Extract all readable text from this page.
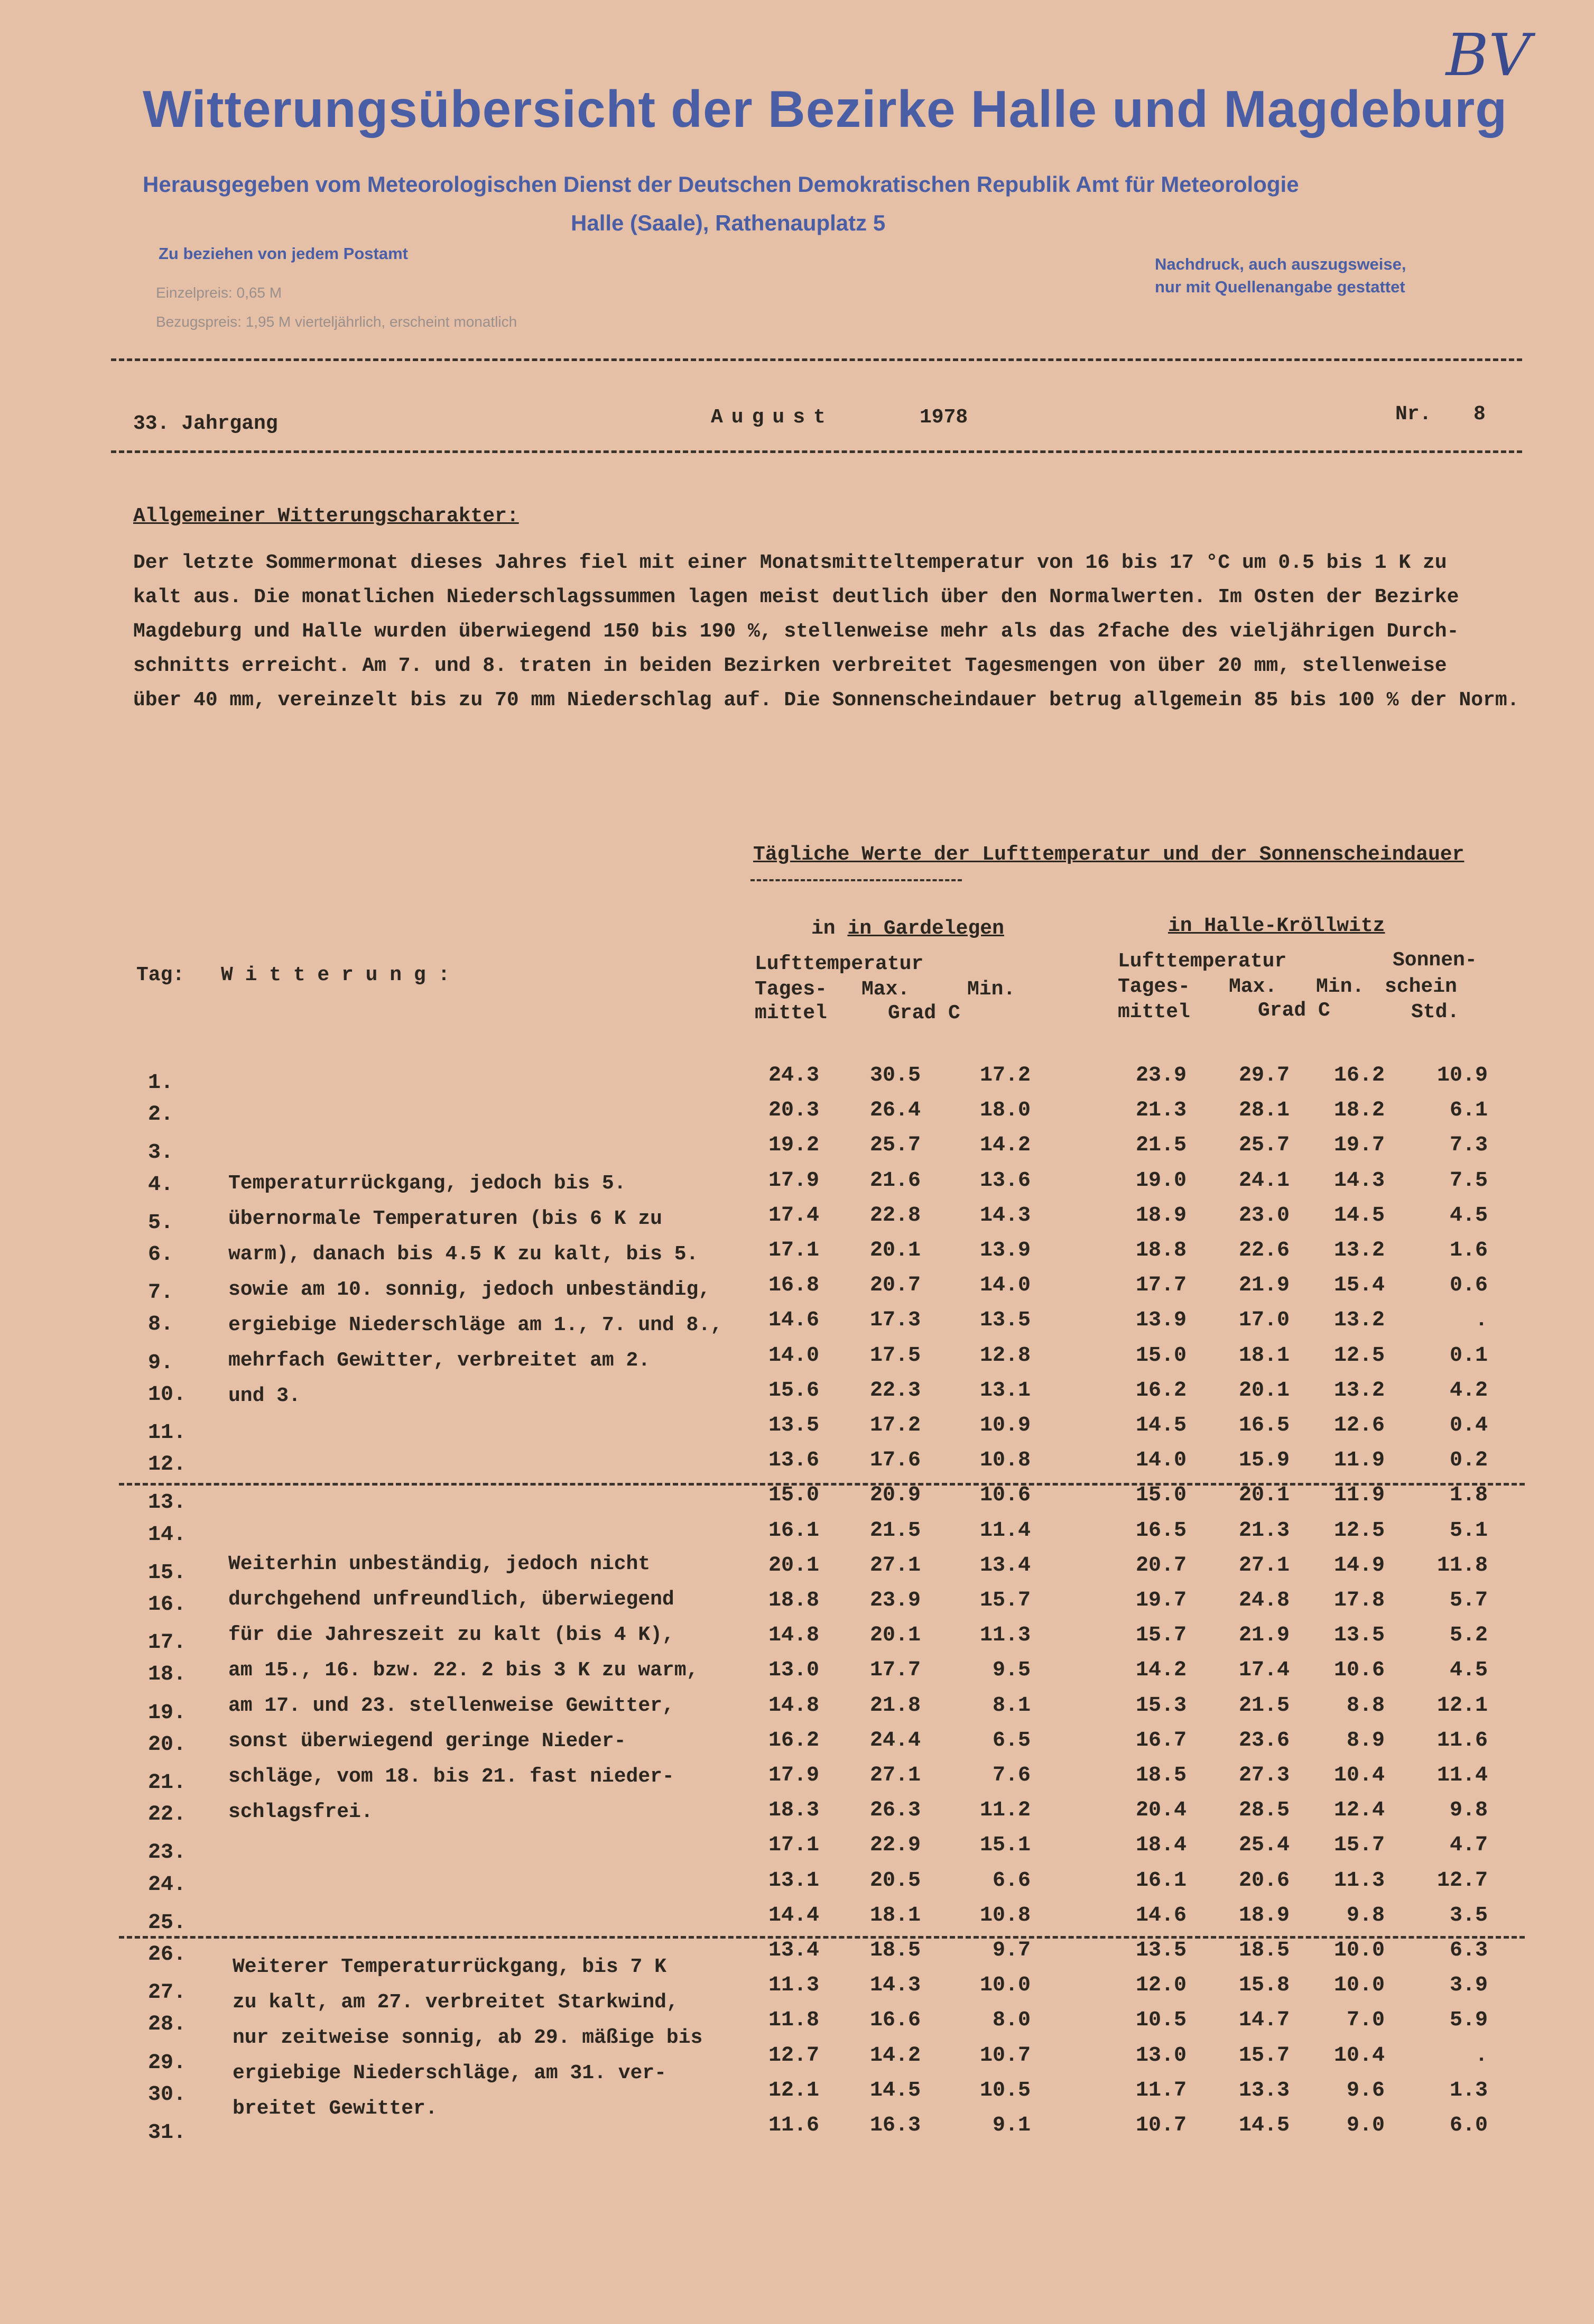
BV
Witterungsübersicht der Bezirke Halle und Magdeburg
Herausgegeben vom Meteorologischen Dienst der Deutschen Demokratischen Republik Amt für Meteorologie
Halle (Saale), Rathenauplatz 5
Zu beziehen von jedem Postamt
Einzelpreis: 0,65 M
Bezugspreis: 1,95 M vierteljährlich, erscheint monatlich
Nachdruck, auch auszugsweise,
nur mit Quellenangabe gestattet
33. Jahrgang	August	1978	Nr. 8
Allgemeiner Witterungscharakter:
Der letzte Sommermonat dieses Jahres fiel mit einer Monatsmitteltemperatur von 16 bis 17 °C um 0.5 bis 1 K zu
kalt aus. Die monatlichen Niederschlagssummen lagen meist deutlich über den Normalwerten. Im Osten der Bezirke
Magdeburg und Halle wurden überwiegend 150 bis 190 %, stellenweise mehr als das 2fache des vieljährigen Durch-
schnitts erreicht. Am 7. und 8. traten in beiden Bezirken verbreitet Tagesmengen von über 20 mm, stellenweise
über 40 mm, vereinzelt bis zu 70 mm Niederschlag auf. Die Sonnenscheindauer betrug allgemein 85 bis 100 % der Norm.
Tägliche Werte der Lufttemperatur und der Sonnenscheindauer
in in Gardelegen	in Halle-Kröllwitz
Tag: W i t t e r u n g :	Lufttemperatur
Tages-
mittel
Max.	Min.
Grad C
Lufttemperatur
Tages-
mittel
Max. Min.
Grad C
Sonnen-
schein
Std.
Temperaturrückgang, jedoch bis 5.
übernormale Temperaturen (bis 6 K zu
warm), danach bis 4.5 K zu kalt, bis 5.
sowie am 10. sonnig, jedoch unbeständig,
ergiebige Niederschläge am 1., 7. und 8.,
mehrfach Gewitter, verbreitet am 2.
und 3.
Weiterhin unbeständig, jedoch nicht
durchgehend unfreundlich, überwiegend
für die Jahreszeit zu kalt (bis 4 K),
am 15., 16. bzw. 22. 2 bis 3 K zu warm,
am 17. und 23. stellenweise Gewitter,
sonst überwiegend geringe Nieder-
schläge, vom 18. bis 21. fast nieder-
schlagsfrei.
Weiterer Temperaturrückgang, bis 7 K
zu kalt, am 27. verbreitet Starkwind,
nur zeitweise sonnig, ab 29. mäßige bis
ergiebige Niederschläge, am 31. ver-
breitet Gewitter.
1.	24.3	30.5	17.2	23.9	29.7	16.2	10.9
2.	20.3	26.4	18.0	21.3	28.1	18.2	6.1
3.	19.2	25.7	14.2	21.5	25.7	19.7	7.3
4.	17.9	21.6	13.6	19.0	24.1	14.3	7.5
5.	17.4	22.8	14.3	18.9	23.0	14.5	4.5
6.	17.1	20.1	13.9	18.8	22.6	13.2	1.6
7.	16.8	20.7	14.0	17.7	21.9	15.4	0.6
8.	14.6	17.3	13.5	13.9	17.0	13.2	.
9.	14.0	17.5	12.8	15.0	18.1	12.5	0.1
10.	15.6	22.3	13.1	16.2	20.1	13.2	4.2
11.	13.5	17.2	10.9	14.5	16.5	12.6	0.4
12.	13.6	17.6	10.8	14.0	15.9	11.9	0.2
13.	15.0	20.9	10.6	15.0	20.1	11.9	1.8
14.	16.1	21.5	11.4	16.5	21.3	12.5	5.1
15.	20.1	27.1	13.4	20.7	27.1	14.9	11.8
16.	18.8	23.9	15.7	19.7	24.8	17.8	5.7
17.	14.8	20.1	11.3	15.7	21.9	13.5	5.2
18.	13.0	17.7	9.5	14.2	17.4	10.6	4.5
19.	14.8	21.8	8.1	15.3	21.5	8.8	12.1
20.	16.2	24.4	6.5	16.7	23.6	8.9	11.6
21.	17.9	27.1	7.6	18.5	27.3	10.4	11.4
22.	18.3	26.3	11.2	20.4	28.5	12.4	9.8
23.	17.1	22.9	15.1	18.4	25.4	15.7	4.7
24.	13.1	20.5	6.6	16.1	20.6	11.3	12.7
25.	14.4	18.1	10.8	14.6	18.9	9.8	3.5
26.	13.4	18.5	9.7	13.5	18.5	10.0	6.3
27.	11.3	14.3	10.0	12.0	15.8	10.0	3.9
28.	11.8	16.6	8.0	10.5	14.7	7.0	5.9
29.	12.7	14.2	10.7	13.0	15.7	10.4	.
30.	12.1	14.5	10.5	11.7	13.3	9.6	1.3
31.	11.6	16.3	9.1	10.7	14.5	9.0	6.0
